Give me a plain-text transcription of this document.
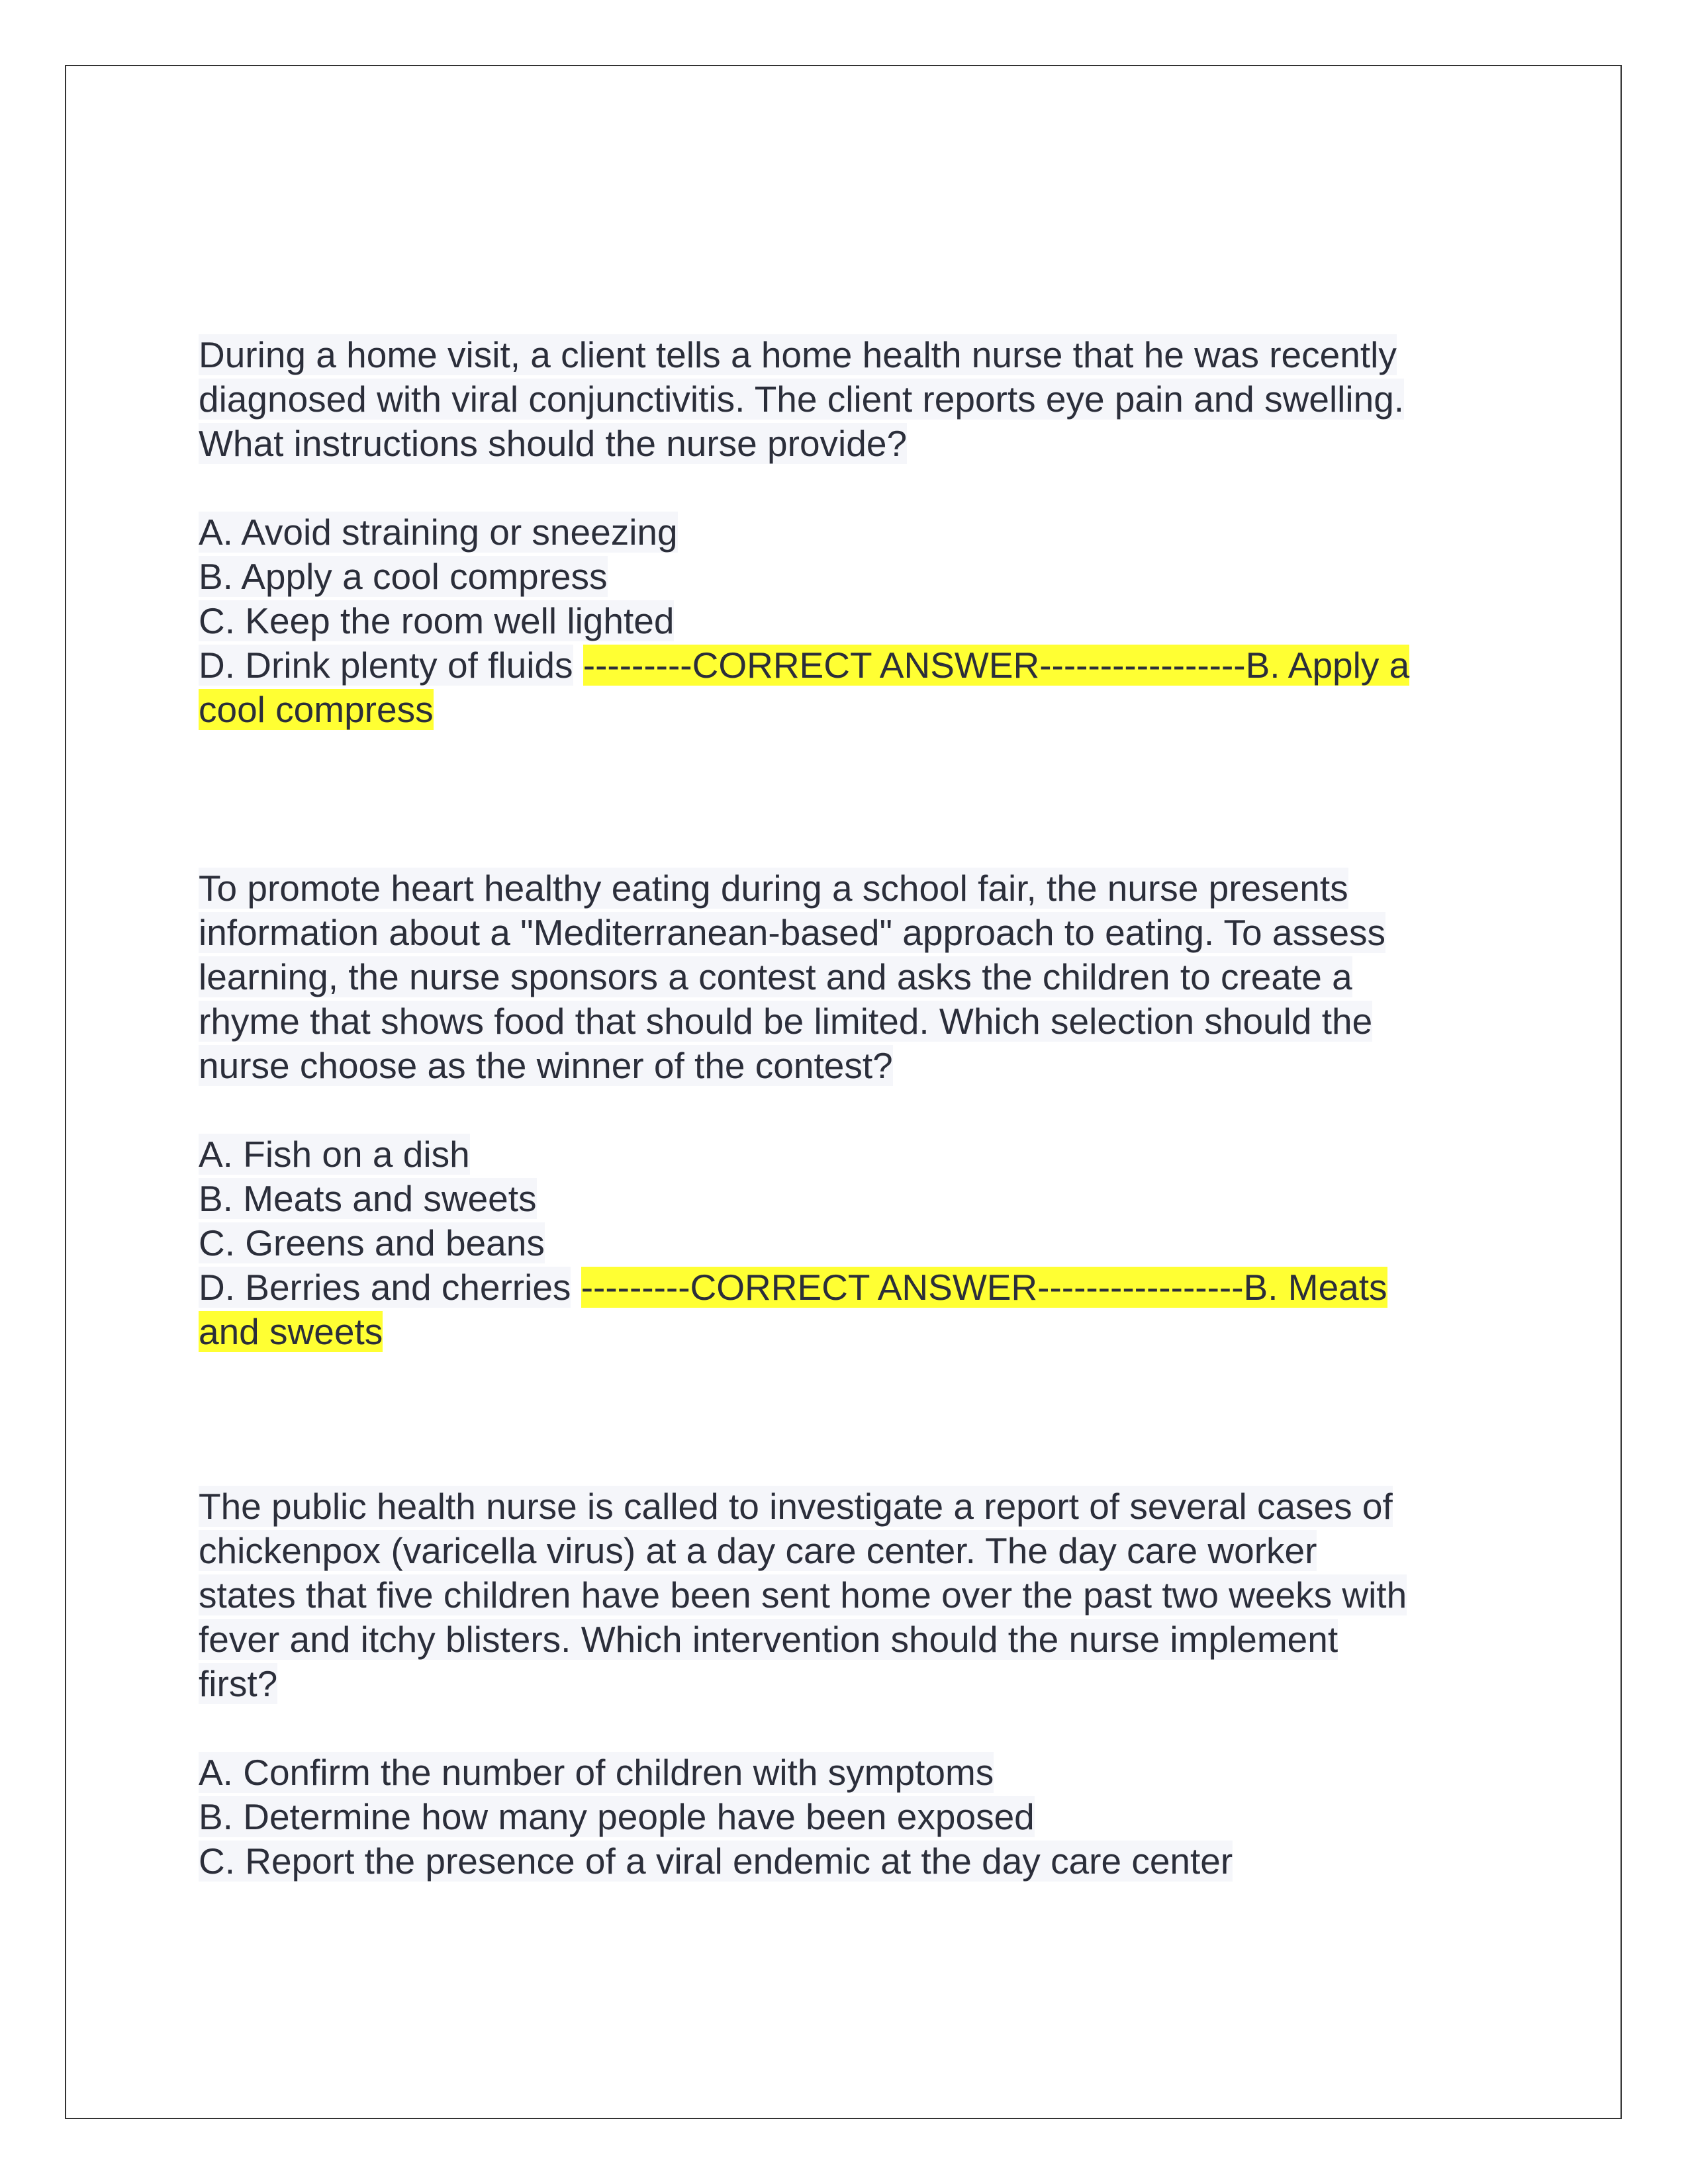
During a home visit, a client tells a home health nurse that he was recently
diagnosed with viral conjunctivitis. The client reports eye pain and swelling.
What instructions should the nurse provide?
A. Avoid straining or sneezing
B. Apply a cool compress
C. Keep the room well lighted
D. Drink plenty of fluids ---------CORRECT ANSWER-----------------B. Apply a
cool compress
To promote heart healthy eating during a school fair, the nurse presents
information about a "Mediterranean-based" approach to eating. To assess
learning, the nurse sponsors a contest and asks the children to create a
rhyme that shows food that should be limited. Which selection should the
nurse choose as the winner of the contest?
A. Fish on a dish
B. Meats and sweets
C. Greens and beans
D. Berries and cherries ---------CORRECT ANSWER-----------------B. Meats
and sweets
The public health nurse is called to investigate a report of several cases of
chickenpox (varicella virus) at a day care center. The day care worker
states that five children have been sent home over the past two weeks with
fever and itchy blisters. Which intervention should the nurse implement
first?
A. Confirm the number of children with symptoms
B. Determine how many people have been exposed
C. Report the presence of a viral endemic at the day care center
